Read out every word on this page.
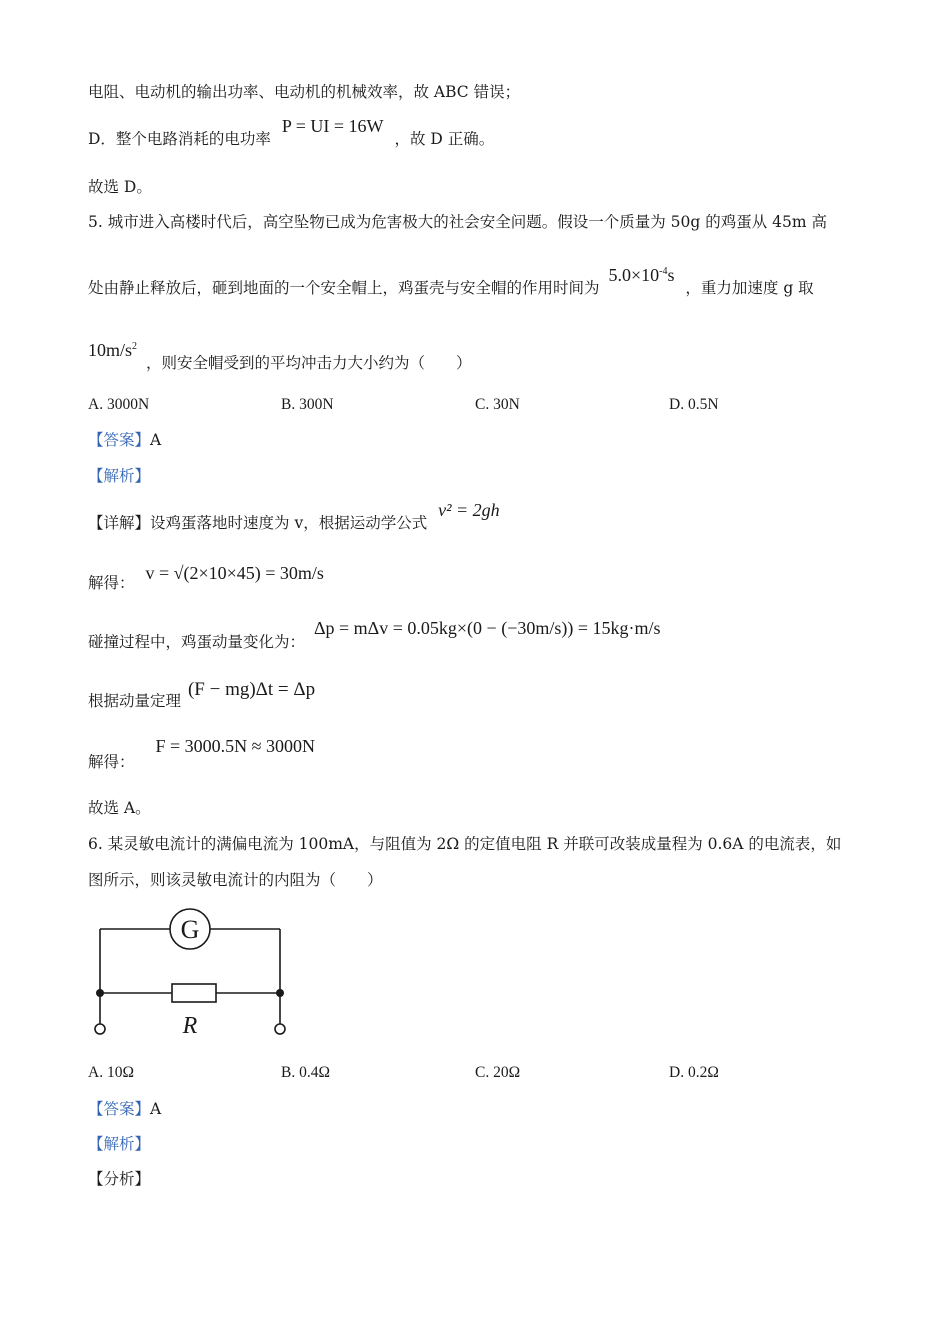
电阻、电动机的输出功率、电动机的机械效率，故 ABC 错误；
D．整个电路消耗的电功率 P = UI = 16W ，故 D 正确。
故选 D。
5. 城市进入高楼时代后，高空坠物已成为危害极大的社会安全问题。假设一个质量为 50g 的鸡蛋从 45m 高
处由静止释放后，砸到地面的一个安全帽上，鸡蛋壳与安全帽的作用时间为 $5.0\times 10^{-4}s$ ，重力加速度 g 取
$10m/s^2$ ，则安全帽受到的平均冲击力大小约为（　　）
A. 3000N	B. 300N	C. 30N	D. 0.5N
【答案】A
【解析】
【详解】设鸡蛋落地时速度为 v，根据运动学公式 v² = 2gh
解得： v = √(2×10×45) = 30m/s
碰撞过程中，鸡蛋动量变化为： Δp = mΔv = 0.05kg×(0 − (−30m/s)) = 15kg·m/s
根据动量定理 (F − mg)Δt = Δp
解得： F = 3000.5N ≈ 3000N
故选 A。
6. 某灵敏电流计的满偏电流为 100mA，与阻值为 2Ω 的定值电阻 R 并联可改装成量程为 0.6A 的电流表，如
图所示，则该灵敏电流计的内阻为（　　）
G
R
A. 10Ω	B. 0.4Ω	C. 20Ω	D. 0.2Ω
【答案】A
【解析】
【分析】
